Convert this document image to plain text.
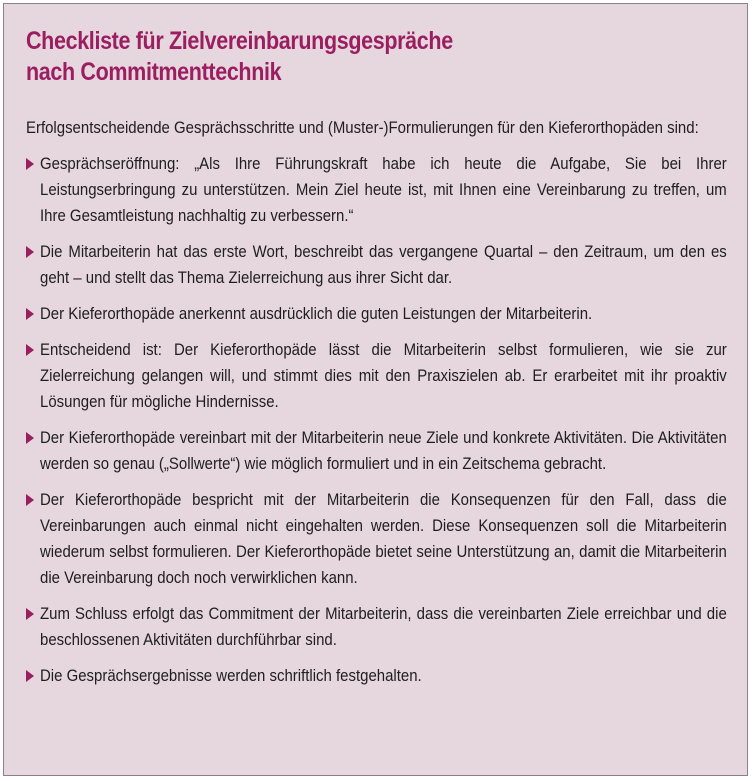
Checkliste für Zielvereinbarungsgespräche
nach Commitmenttechnik

Erfolgsentscheidende Gesprächsschritte und (Muster-)Formulierungen für den Kieferorthopäden sind:

Gesprächseröffnung: „Als Ihre Führungskraft habe ich heute die Aufgabe, Sie bei Ihrer Leistungserbringung zu unterstützen. Mein Ziel heute ist, mit Ihnen eine Vereinbarung zu treffen, um Ihre Gesamtleistung nachhaltig zu verbessern.“
Die Mitarbeiterin hat das erste Wort, beschreibt das vergangene Quartal – den Zeitraum, um den es geht – und stellt das Thema Zielerreichung aus ihrer Sicht dar.
Der Kieferorthopäde anerkennt ausdrücklich die guten Leistungen der Mitarbeiterin.
Entscheidend ist: Der Kieferorthopäde lässt die Mitarbeiterin selbst formulieren, wie sie zur Zielerreichung gelangen will, und stimmt dies mit den Praxiszielen ab. Er erarbeitet mit ihr proaktiv Lösungen für mögliche Hindernisse.
Der Kieferorthopäde vereinbart mit der Mitarbeiterin neue Ziele und konkrete Aktivitäten. Die Aktivitäten werden so genau („Sollwerte“) wie möglich formuliert und in ein Zeitschema gebracht.
Der Kieferorthopäde bespricht mit der Mitarbeiterin die Konsequenzen für den Fall, dass die Vereinbarungen auch einmal nicht eingehalten werden. Diese Konsequenzen soll die Mitarbeiterin wiederum selbst formulieren. Der Kieferorthopäde bietet seine Unterstützung an, damit die Mitarbeiterin die Vereinbarung doch noch verwirklichen kann.
Zum Schluss erfolgt das Commitment der Mitarbeiterin, dass die vereinbarten Ziele erreichbar und die beschlossenen Aktivitäten durchführbar sind.
Die Gesprächsergebnisse werden schriftlich festgehalten.
